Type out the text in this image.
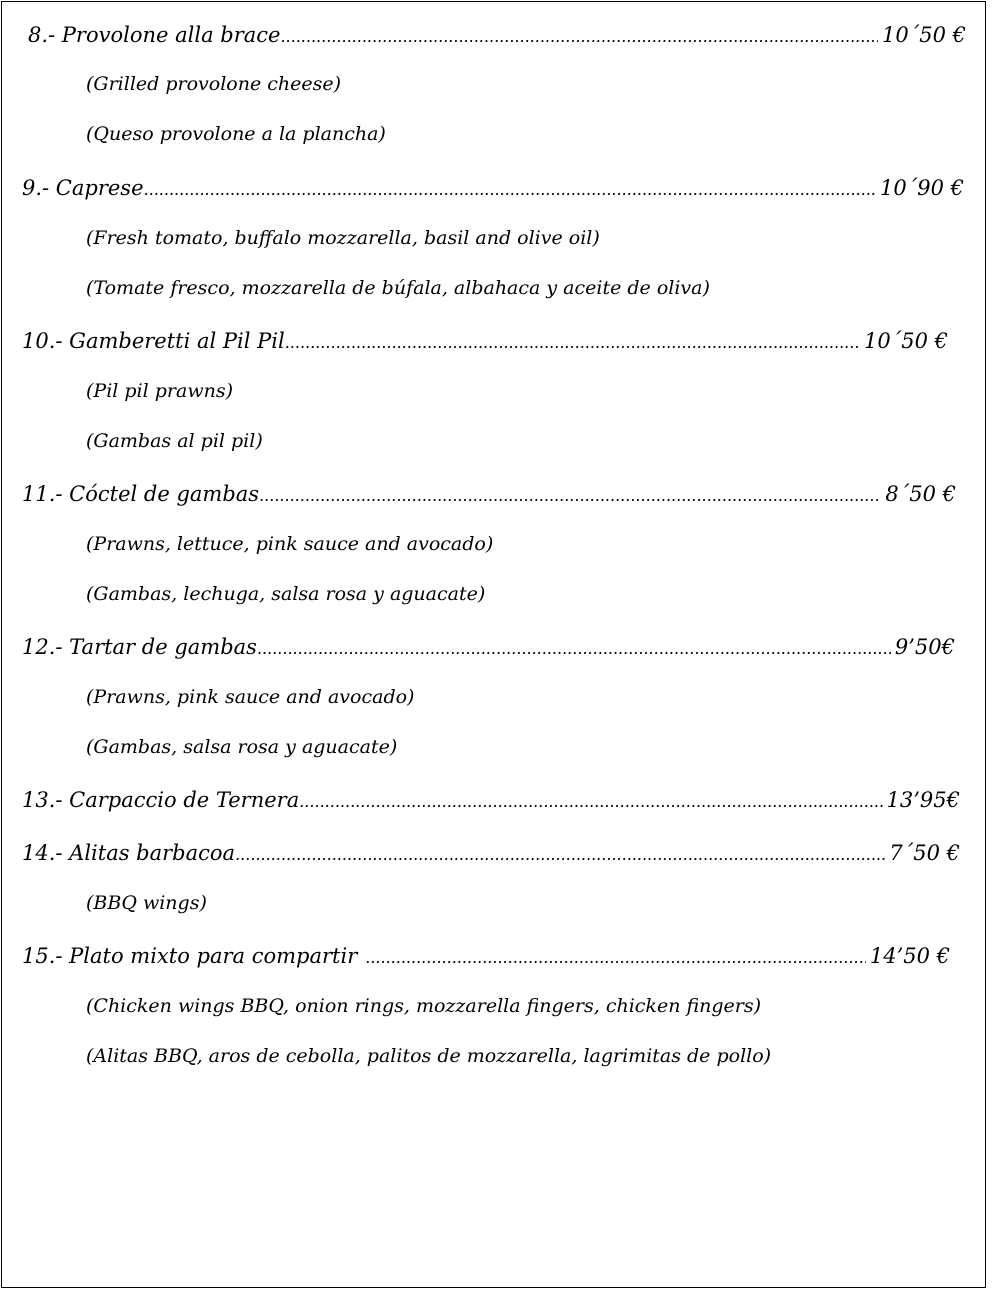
8.- Provolone alla brace .....	10´50 €
(Grilled provolone cheese)
(Queso provolone a la plancha)
9.- Caprese .....	10´90 €
(Fresh tomato, buffalo mozzarella, basil and olive oil)
(Tomate fresco, mozzarella de búfala, albahaca y aceite de oliva)
10.- Gamberetti al Pil Pil .....	10´50 €
(Pil pil prawns)
(Gambas al pil pil)
11.- Cóctel de gambas .....	8´50 €
(Prawns, lettuce, pink sauce and avocado)
(Gambas, lechuga, salsa rosa y aguacate)
12.- Tartar de gambas .....	9’50€
(Prawns, pink sauce and avocado)
(Gambas, salsa rosa y aguacate)
13.- Carpaccio de Ternera .....	13’95€
14.- Alitas barbacoa .....	7´50 €
(BBQ wings)
15.- Plato mixto para compartir .....	14’50 €
(Chicken wings BBQ, onion rings, mozzarella fingers, chicken fingers)
(Alitas BBQ, aros de cebolla, palitos de mozzarella, lagrimitas de pollo)
